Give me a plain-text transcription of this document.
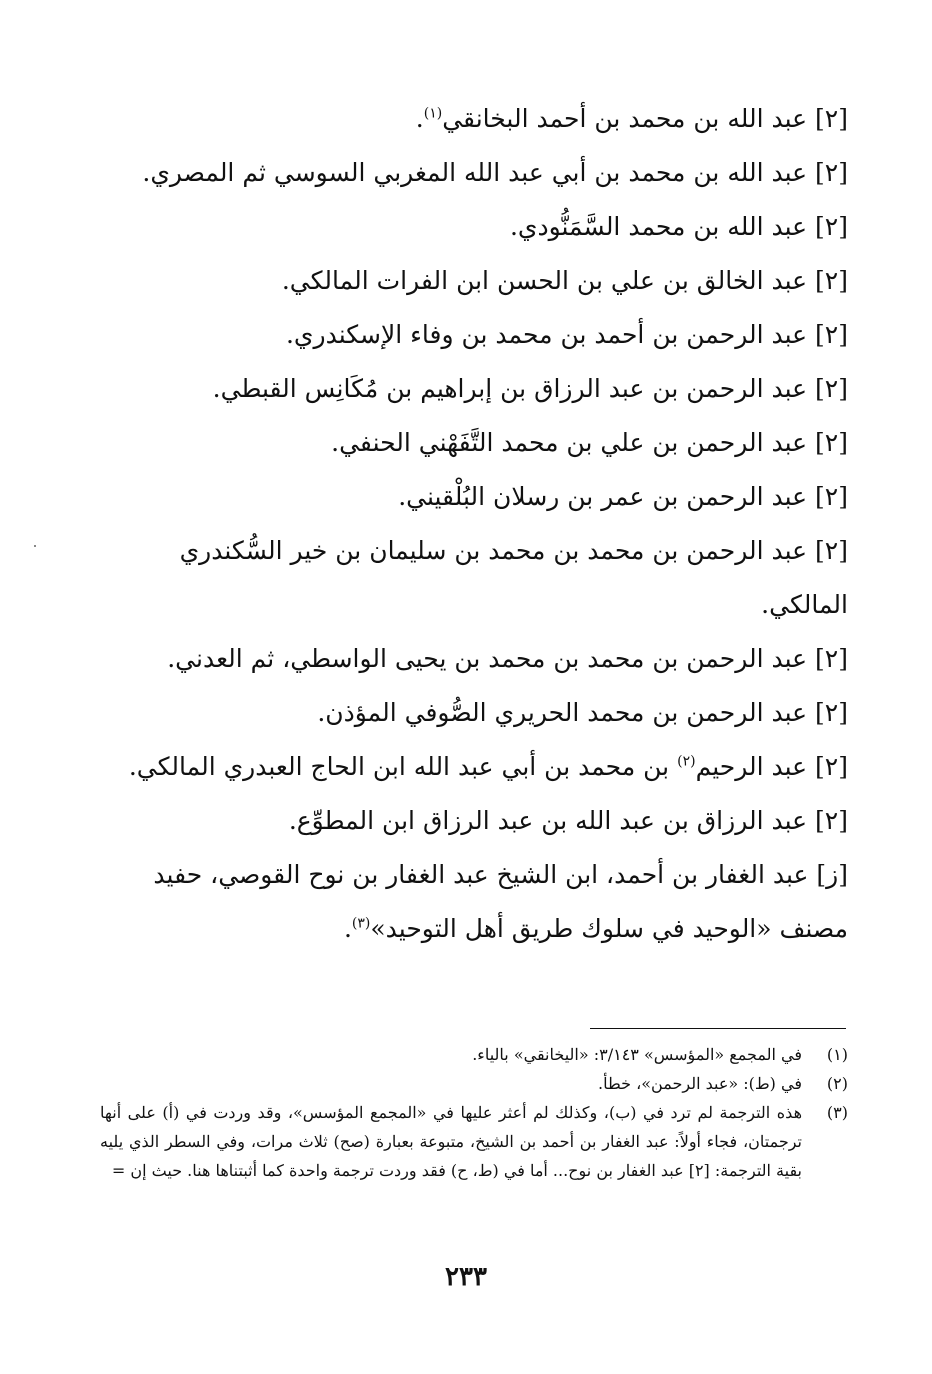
[٢] عبد الله بن محمد بن أحمد البخانقي$^{(١)}$.

[٢] عبد الله بن محمد بن أبي عبد الله المغربي السوسي ثم المصري.

[٢] عبد الله بن محمد السَّمَنُّودي.

[٢] عبد الخالق بن علي بن الحسن ابن الفرات المالكي.

[٢] عبد الرحمن بن أحمد بن محمد بن وفاء الإسكندري.

[٢] عبد الرحمن بن عبد الرزاق بن إبراهيم بن مُكَانِس القبطي.

[٢] عبد الرحمن بن علي بن محمد التَّفَهْني الحنفي.

[٢] عبد الرحمن بن عمر بن رسلان البُلْقيني.

[٢] عبد الرحمن بن محمد بن محمد بن سليمان بن خير السُّكندري المالكي.

[٢] عبد الرحمن بن محمد بن محمد بن يحيى الواسطي، ثم العدني.

[٢] عبد الرحمن بن محمد الحريري الصُّوفي المؤذن.

[٢] عبد الرحيم$^{(٢)}$ بن محمد بن أبي عبد الله ابن الحاج العبدري المالكي.

[٢] عبد الرزاق بن عبد الله بن عبد الرزاق ابن المطوِّع.

[ز] عبد الغفار بن أحمد، ابن الشيخ عبد الغفار بن نوح القوصي، حفيد مصنف «الوحيد في سلوك طريق أهل التوحيد»$^{(٣)}$.

(١)
في المجمع «المؤسس» ٣/١٤٣: «اليخانقي» بالياء.
(٢)
في (ط): «عبد الرحمن»، خطأ.
(٣)
هذه الترجمة لم ترد في (ب)، وكذلك لم أعثر عليها في «المجمع المؤسس»، وقد وردت في (أ) على أنها ترجمتان، فجاء أولاً: عبد الغفار بن أحمد بن الشيخ، متبوعة بعبارة (صح) ثلاث مرات، وفي السطر الذي يليه بقية الترجمة: [٢] عبد الغفار بن نوح... أما في (ط، ح) فقد وردت ترجمة واحدة كما أثبتناها هنا. حيث إن =
٢٣٣
